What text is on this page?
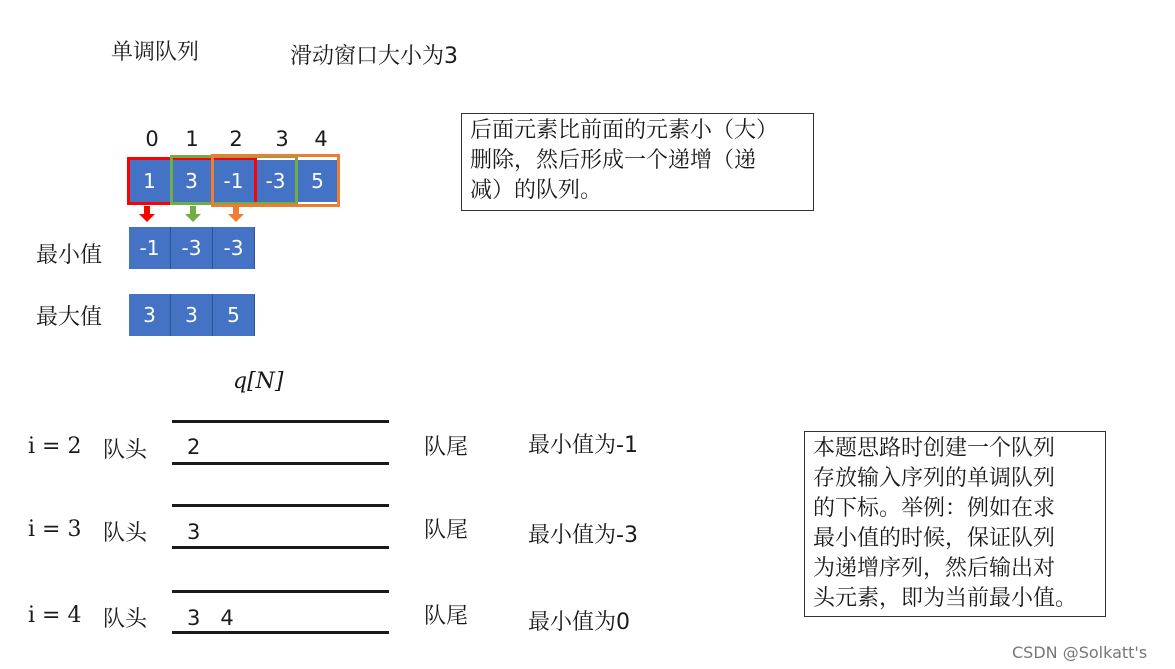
单调队列	滑动窗口大小为3
0	1	2	3	4
1	3	-1	-3	5
最小值	-1	-3	-3
最大值	3	3	5
后面元素比前面的元素小（大）
删除，然后形成一个递增（递
减）的队列。
q[N]
i = 2 队头 2	队尾	最小值为-1
i = 3 队头 3	队尾	最小值为-3
i = 4 队头 3   4	队尾	最小值为0
本题思路时创建一个队列
存放输入序列的单调队列
的下标。举例：例如在求
最小值的时候，保证队列
为递增序列，然后输出对
头元素，即为当前最小值。
CSDN @Solkatt's
